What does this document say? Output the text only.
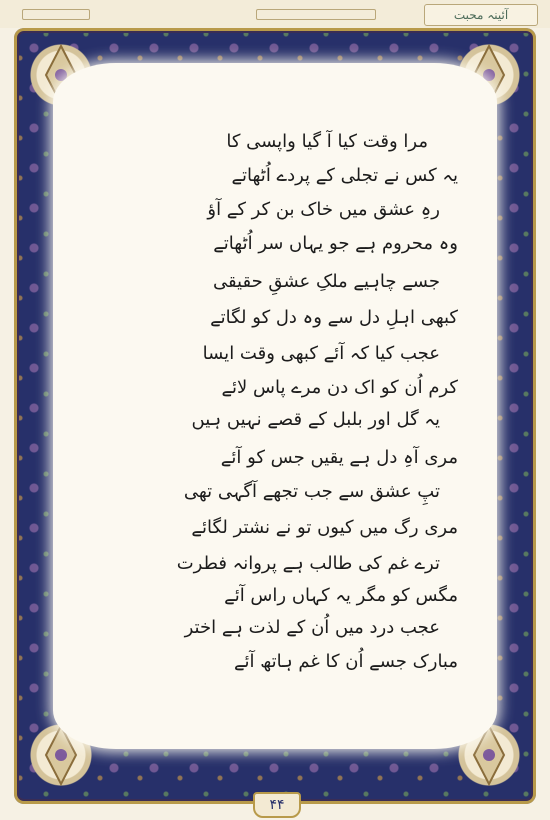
آئینہ محبت
مرا وقت کیا آ گیا واپسی کا
یہ کس نے تجلی کے پردے اُٹھاتے
رہِ عشق میں خاک بن کر کے آؤ
وہ محروم ہے جو یہاں سر اُٹھاتے
جسے چاہیے ملکِ عشقِ حقیقی
کبھی اہلِ دل سے وہ دل کو لگاتے
عجب کیا کہ آئے کبھی وقت ایسا
کرم اُن کو اک دن مرے پاس لائے
یہ گل اور بلبل کے قصے نہیں ہیں
مری آہِ دل ہے یقیں جس کو آئے
تپِ عشق سے جب تجھے آگہی تھی
مری رگ میں کیوں تو نے نشتر لگائے
ترے غم کی طالب ہے پروانہ فطرت
مگس کو مگر یہ کہاں راس آئے
عجب درد میں اُن کے لذت ہے اختر
مبارک جسے اُن کا غم ہاتھ آئے
۴۴
